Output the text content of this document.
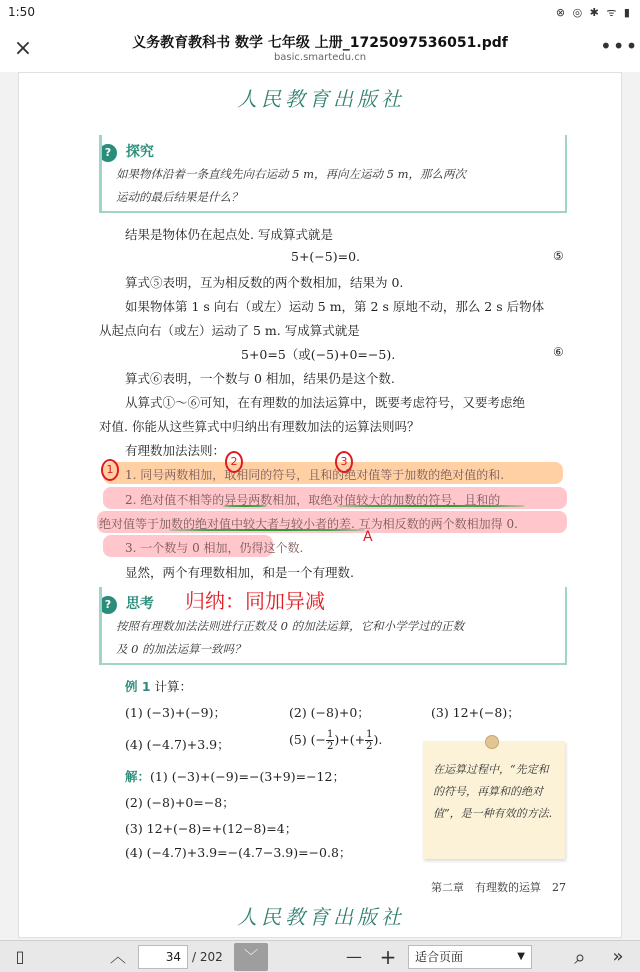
1:50	⊗ ◎ ✱ ᯤ ▮
×	义务教育教科书 数学 七年级 上册_1725097536051.pdf
basic.smartedu.cn	•••
人民教育出版社
? 探究
如果物体沿着一条直线先向右运动 5 m，再向左运动 5 m，那么两次
运动的最后结果是什么？
结果是物体仍在起点处. 写成算式就是
5+(−5)=0.	⑤
算式⑤表明，互为相反数的两个数相加，结果为 0.
如果物体第 1 s 向右（或左）运动 5 m，第 2 s 原地不动，那么 2 s 后物体
从起点向右（或左）运动了 5 m. 写成算式就是
5+0=5（或(−5)+0=−5).	⑥
算式⑥表明，一个数与 0 相加，结果仍是这个数.
从算式①～⑥可知，在有理数的加法运算中，既要考虑符号，又要考虑绝
对值. 你能从这些算式中归纳出有理数加法的运算法则吗？
有理数加法法则：
1. 同号两数相加，取相同的符号，且和的绝对值等于加数的绝对值的和.
2. 绝对值不相等的异号两数相加，取绝对值较大的加数的符号，且和的
绝对值等于加数的绝对值中较大者与较小者的差. 互为相反数的两个数相加得 0.
3. 一个数与 0 相加，仍得这个数.
1
2	3
A
显然，两个有理数相加，和是一个有理数.
? 思考 归纳：同加异减
按照有理数加法法则进行正数及 0 的加法运算，它和小学学过的正数
及 0 的加法运算一致吗？
例 1 计算：
(1) (−3)+(−9)；	(2) (−8)+0；	(3) 12+(−8)；
(4) (−4.7)+3.9；	(5) (− $\frac{1}{2}$ )+(+ $\frac{1}{2}$ ).
解：(1) (−3)+(−9)=−(3+9)=−12；
(2) (−8)+0=−8；
(3) 12+(−8)=+(12−8)=4；
(4) (−4.7)+3.9=−(4.7−3.9)=−0.8；
在运算过程中，“先定和的符号，再算和的绝对值”，是一种有效的方法.
第二章　有理数的运算　27
人民教育出版社
▯	︿	34 / 202	﹀	— +	适合页面	▼	⌕	»
